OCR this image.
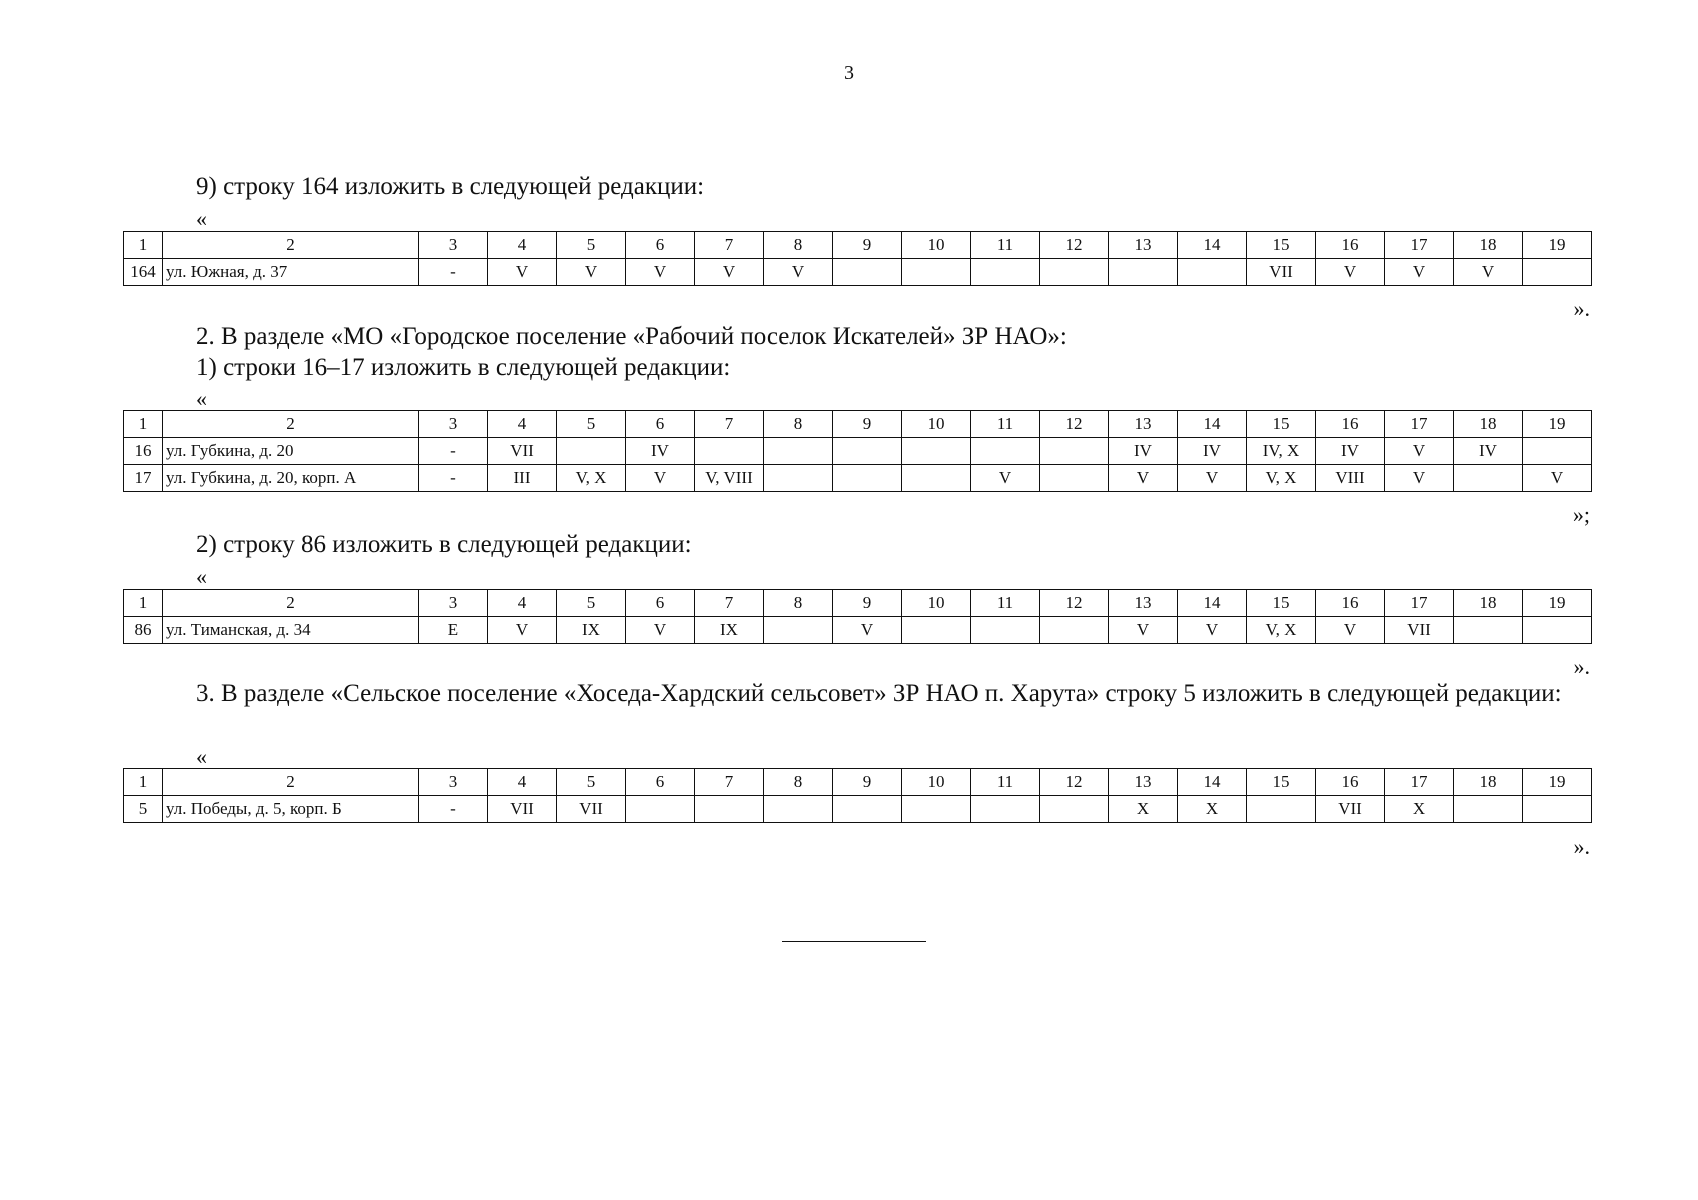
3
9) строку 164 изложить в следующей редакции:
«
1	2	3	4	5	6	7	8	9	10	11	12	13	14	15	16	17	18	19
164	ул. Южная, д. 37	-	V	V	V	V	V							VII	V	V	V	
».
2. В разделе «МО «Городское поселение «Рабочий поселок Искателей» ЗР НАО»:
1) строки 16–17 изложить в следующей редакции:
«
1	2	3	4	5	6	7	8	9	10	11	12	13	14	15	16	17	18	19
16	ул. Губкина, д. 20	-	VII		IV							IV	IV	IV, X	IV	V	IV	
17	ул. Губкина, д. 20, корп. А	-	III	V, X	V	V, VIII				V		V	V	V, X	VIII	V		V
»;
2) строку 86 изложить в следующей редакции:
«
1	2	3	4	5	6	7	8	9	10	11	12	13	14	15	16	17	18	19
86	ул. Тиманская, д. 34	Е	V	IX	V	IX		V				V	V	V, X	V	VII		
».
3. В разделе «Сельское поселение «Хоседа-Хардский сельсовет» ЗР НАО п. Харута» строку 5 изложить в следующей редакции:
«
1	2	3	4	5	6	7	8	9	10	11	12	13	14	15	16	17	18	19
5	ул. Победы, д. 5, корп. Б	-	VII	VII								X	X		VII	X		
».
